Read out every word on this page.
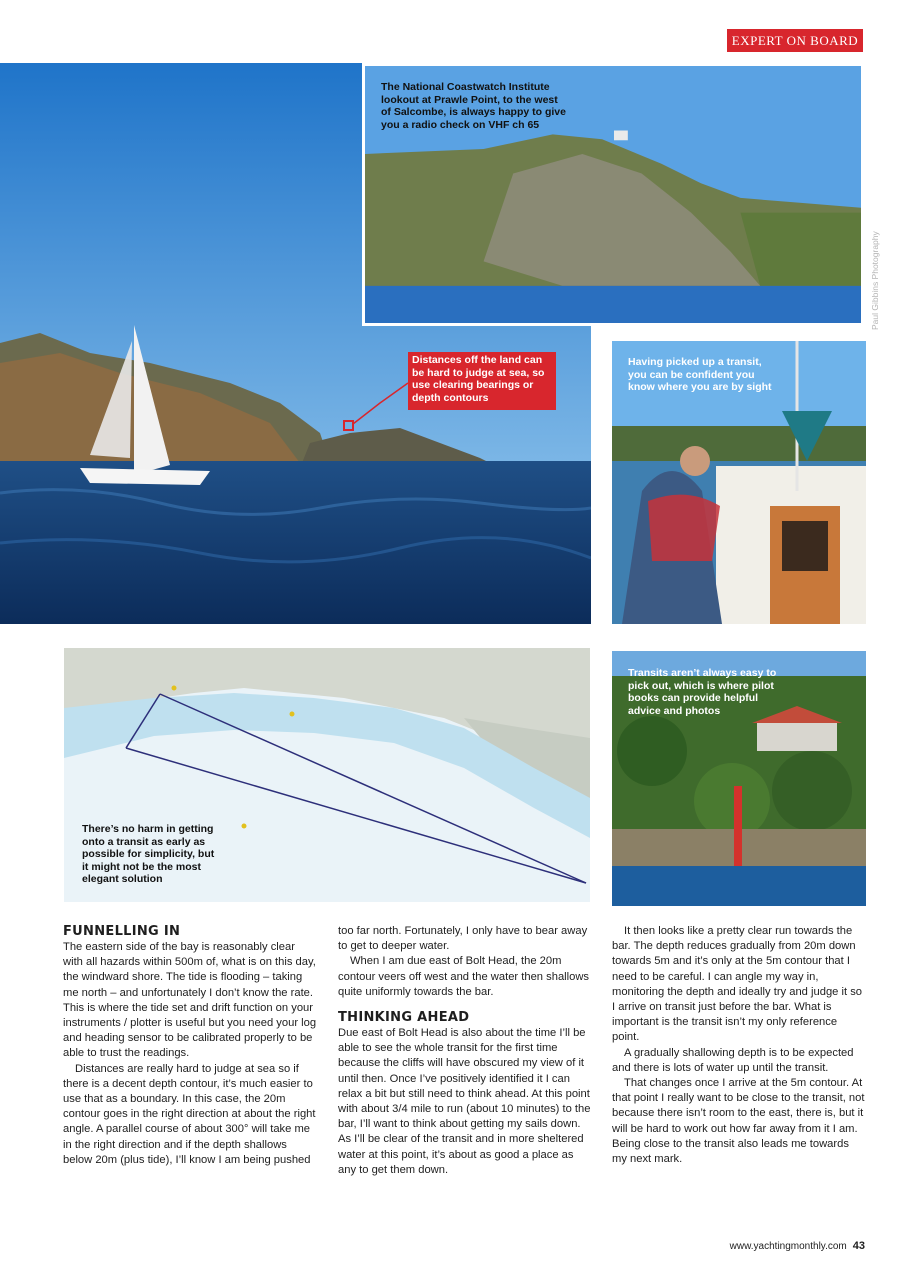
EXPERT ON BOARD
The National Coastwatch Institute lookout at Prawle Point, to the west of Salcombe, is always happy to give you a radio check on VHF ch 65
Paul Gibbins Photography
Distances off the land can be hard to judge at sea, so use clearing bearings or depth contours
Having picked up a transit, you can be confident you know where you are by sight
There’s no harm in getting onto a transit as early as possible for simplicity, but it might not be the most elegant solution
Transits aren’t always easy to pick out, which is where pilot books can provide helpful advice and photos
FUNNELLING IN

The eastern side of the bay is reasonably clear with all hazards within 500m of, what is on this day, the windward shore. The tide is flooding – taking me north – and unfortunately I don’t know the rate. This is where the tide set and drift function on your instruments / plotter is useful but you need your log and heading sensor to be calibrated properly to be able to trust the readings.

Distances are really hard to judge at sea so if there is a decent depth contour, it’s much easier to use that as a boundary. In this case, the 20m contour goes in the right direction at about the right angle. A parallel course of about 300° will take me in the right direction and if the depth shallows below 20m (plus tide), I’ll know I am being pushed

too far north. Fortunately, I only have to bear away to get to deeper water.

When I am due east of Bolt Head, the 20m contour veers off west and the water then shallows quite uniformly towards the bar.

THINKING AHEAD

Due east of Bolt Head is also about the time I’ll be able to see the whole transit for the first time because the cliffs will have obscured my view of it until then. Once I’ve positively identified it I can relax a bit but still need to think ahead. At this point with about 3/4 mile to run (about 10 minutes) to the bar, I’ll want to think about getting my sails down. As I’ll be clear of the transit and in more sheltered water at this point, it’s about as good a place as any to get them down.

It then looks like a pretty clear run towards the bar. The depth reduces gradually from 20m down towards 5m and it’s only at the 5m contour that I need to be careful. I can angle my way in, monitoring the depth and ideally try and judge it so I arrive on transit just before the bar. What is important is the transit isn’t my only reference point.

A gradually shallowing depth is to be expected and there is lots of water up until the transit.

That changes once I arrive at the 5m contour. At that point I really want to be close to the transit, not because there isn’t room to the east, there is, but it will be hard to work out how far away from it I am. Being close to the transit also leads me towards my next mark.

www.yachtingmonthly.com 43
